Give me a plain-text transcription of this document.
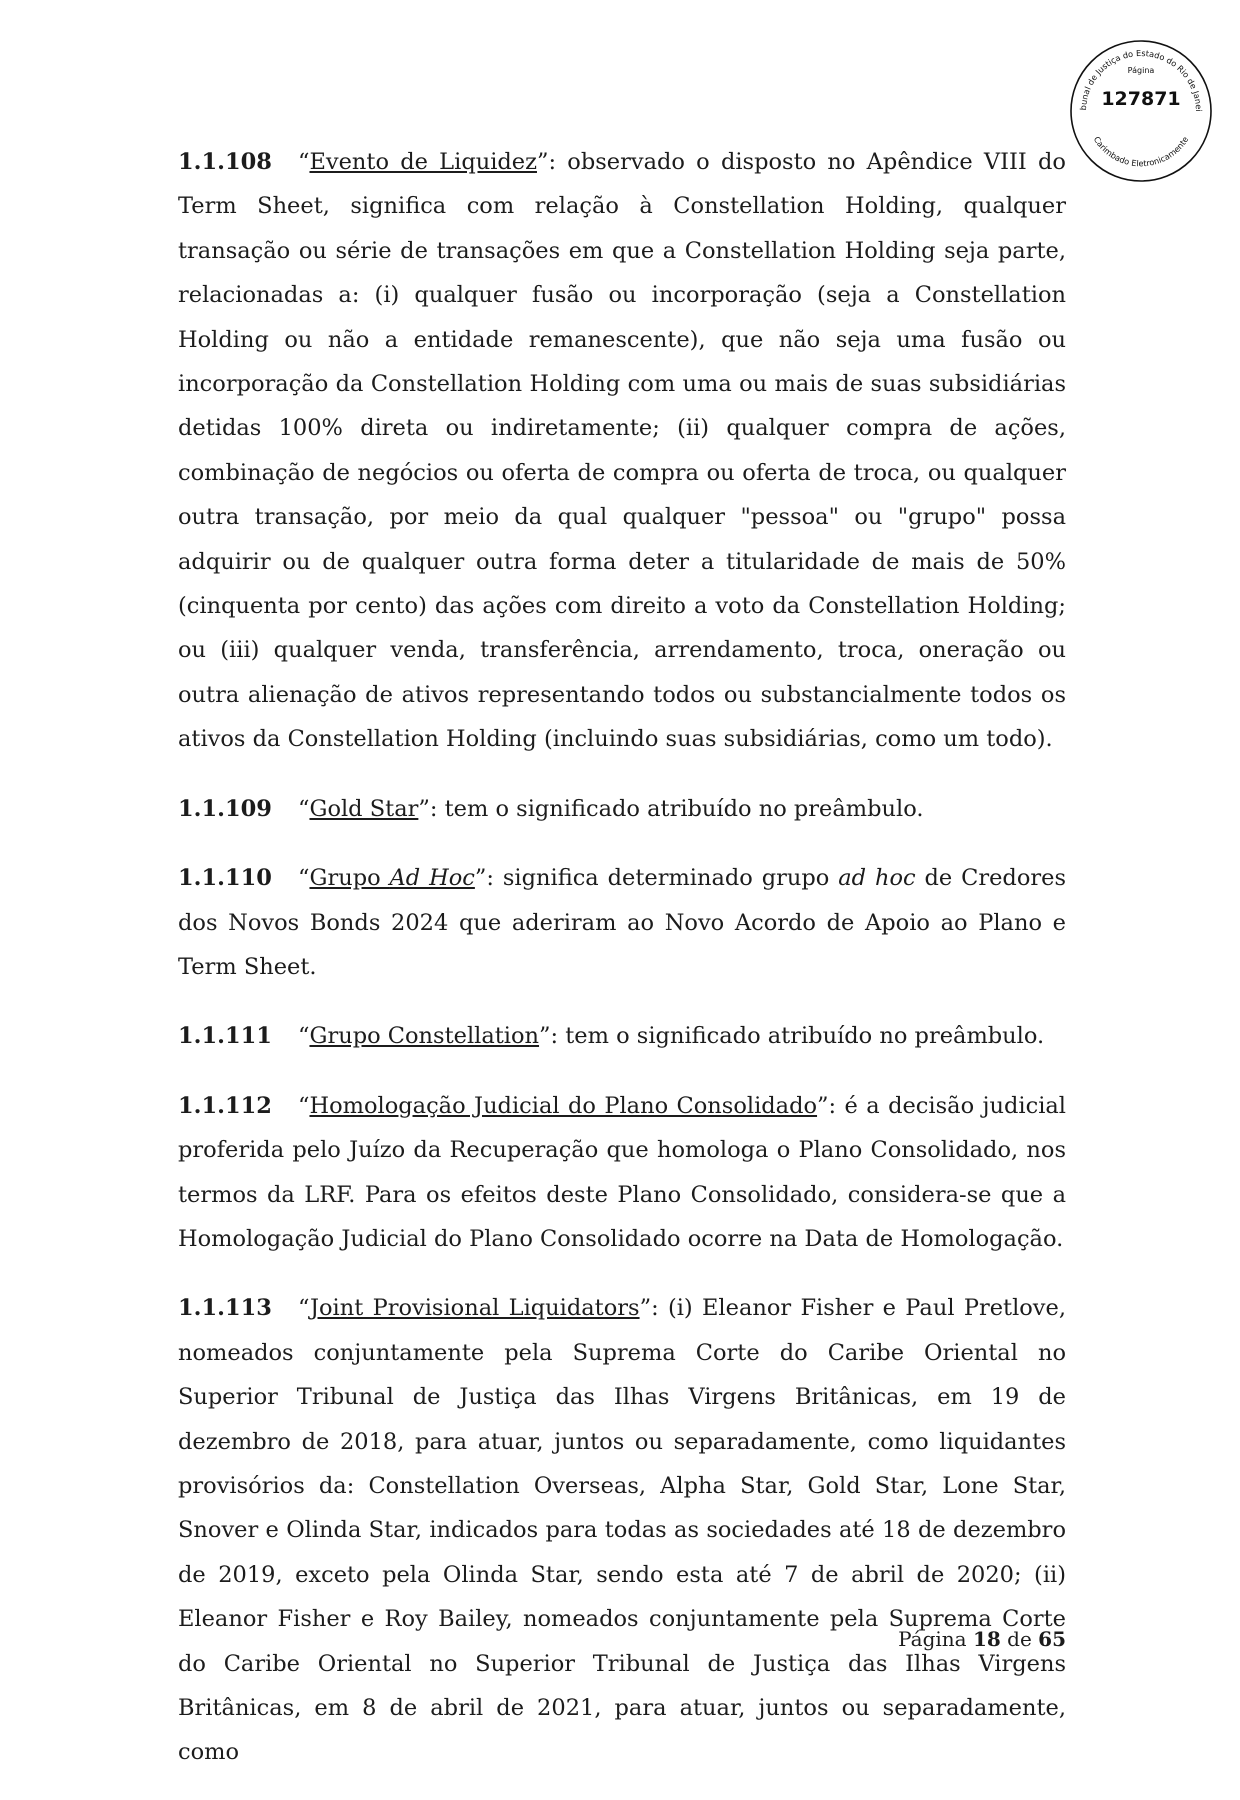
bunal de Justiça do Estado do Rio de Janei
Carimbado Eletronicamente
Página
127871

1.1.108 “Evento de Liquidez”: observado o disposto no Apêndice VIII do Term Sheet, significa com relação à Constellation Holding, qualquer transação ou série de transações em que a Constellation Holding seja parte, relacionadas a: (i) qualquer fusão ou incorporação (seja a Constellation Holding ou não a entidade remanescente), que não seja uma fusão ou incorporação da Constellation Holding com uma ou mais de suas subsidiárias detidas 100% direta ou indiretamente; (ii) qualquer compra de ações, combinação de negócios ou oferta de compra ou oferta de troca, ou qualquer outra transação, por meio da qual qualquer "pessoa" ou "grupo" possa adquirir ou de qualquer outra forma deter a titularidade de mais de 50% (cinquenta por cento) das ações com direito a voto da Constellation Holding; ou (iii) qualquer venda, transferência, arrendamento, troca, oneração ou outra alienação de ativos representando todos ou substancialmente todos os ativos da Constellation Holding (incluindo suas subsidiárias, como um todo).

1.1.109 “Gold Star”: tem o significado atribuído no preâmbulo.

1.1.110 “Grupo Ad Hoc”: significa determinado grupo ad hoc de Credores dos Novos Bonds 2024 que aderiram ao Novo Acordo de Apoio ao Plano e Term Sheet.

1.1.111 “Grupo Constellation”: tem o significado atribuído no preâmbulo.

1.1.112 “Homologação Judicial do Plano Consolidado”: é a decisão judicial proferida pelo Juízo da Recuperação que homologa o Plano Consolidado, nos termos da LRF. Para os efeitos deste Plano Consolidado, considera-se que a Homologação Judicial do Plano Consolidado ocorre na Data de Homologação.

1.1.113 “Joint Provisional Liquidators”: (i) Eleanor Fisher e Paul Pretlove, nomeados conjuntamente pela Suprema Corte do Caribe Oriental no Superior Tribunal de Justiça das Ilhas Virgens Britânicas, em 19 de dezembro de 2018, para atuar, juntos ou separadamente, como liquidantes provisórios da: Constellation Overseas, Alpha Star, Gold Star, Lone Star, Snover e Olinda Star, indicados para todas as sociedades até 18 de dezembro de 2019, exceto pela Olinda Star, sendo esta até 7 de abril de 2020; (ii) Eleanor Fisher e Roy Bailey, nomeados conjuntamente pela Suprema Corte do Caribe Oriental no Superior Tribunal de Justiça das Ilhas Virgens Britânicas, em 8 de abril de 2021, para atuar, juntos ou separadamente, como

Página 18 de 65
